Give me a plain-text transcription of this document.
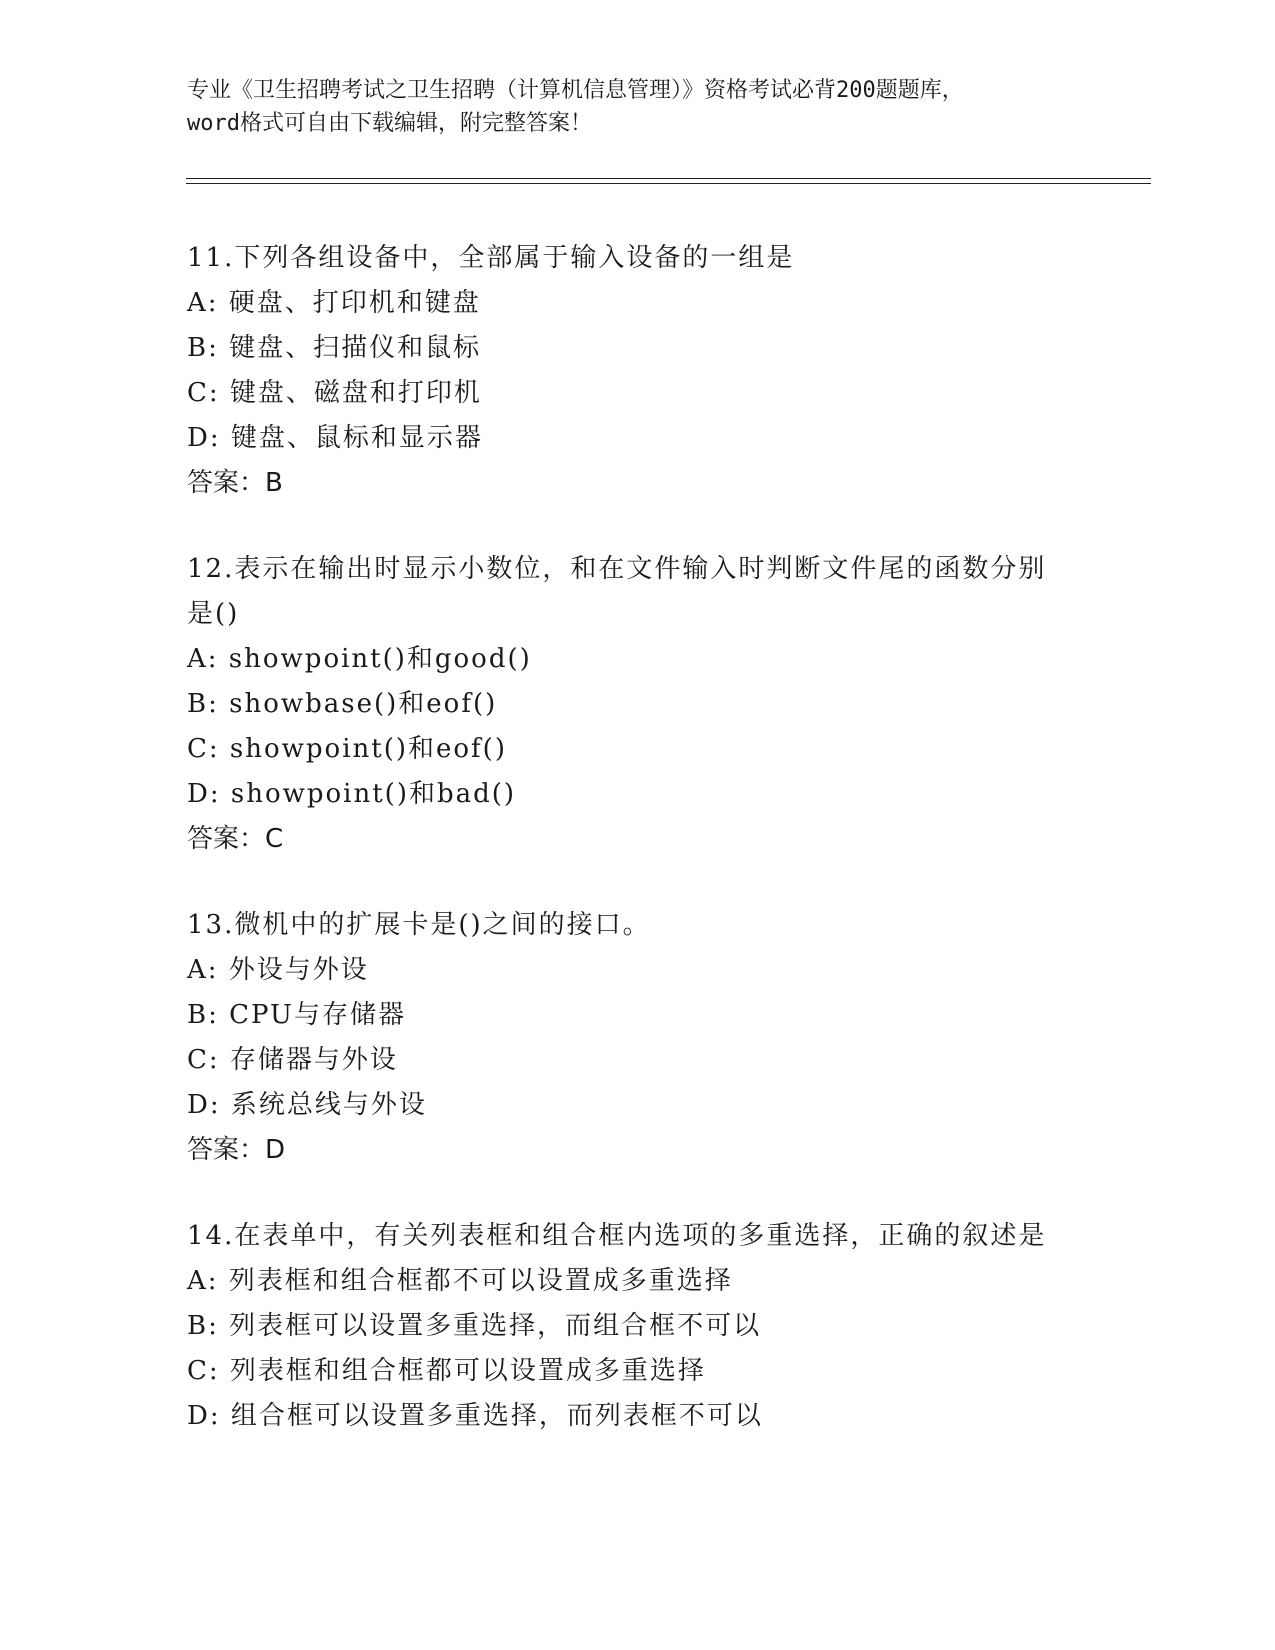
专业《卫生招聘考试之卫生招聘（计算机信息管理）》资格考试必背200题题库，
word格式可自由下载编辑，附完整答案！
11.下列各组设备中，全部属于输入设备的一组是
A: 硬盘、打印机和键盘
B: 键盘、扫描仪和鼠标
C: 键盘、磁盘和打印机
D: 键盘、鼠标和显示器
答案：B
12.表示在输出时显示小数位，和在文件输入时判断文件尾的函数分别
是()
A: showpoint()和good()
B: showbase()和eof()
C: showpoint()和eof()
D: showpoint()和bad()
答案：C
13.微机中的扩展卡是()之间的接口。
A: 外设与外设
B: CPU与存储器
C: 存储器与外设
D: 系统总线与外设
答案：D
14.在表单中，有关列表框和组合框内选项的多重选择，正确的叙述是
A: 列表框和组合框都不可以设置成多重选择
B: 列表框可以设置多重选择，而组合框不可以
C: 列表框和组合框都可以设置成多重选择
D: 组合框可以设置多重选择，而列表框不可以
